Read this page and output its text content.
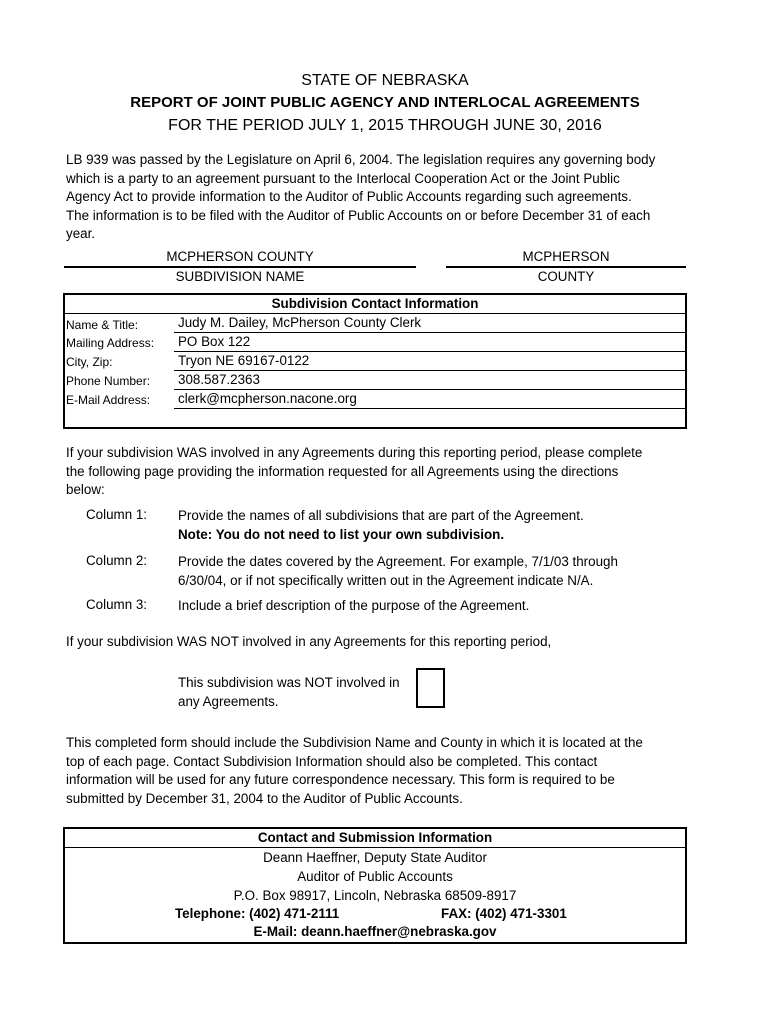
STATE OF NEBRASKA
REPORT OF JOINT PUBLIC AGENCY AND INTERLOCAL AGREEMENTS
FOR THE PERIOD JULY 1, 2015 THROUGH JUNE 30, 2016
LB 939 was passed by the Legislature on April 6, 2004. The legislation requires any governing body
which is a party to an agreement pursuant to the Interlocal Cooperation Act or the Joint Public
Agency Act to provide information to the Auditor of Public Accounts regarding such agreements.
The information is to be filed with the Auditor of Public Accounts on or before December 31 of each
year.
MCPHERSON COUNTY
SUBDIVISION NAME
MCPHERSON
COUNTY
Subdivision Contact Information
Name & Title:	Judy M. Dailey, McPherson County Clerk
Mailing Address: PO Box 122
City, Zip:	Tryon NE 69167-0122
Phone Number: 308.587.2363
E-Mail Address: clerk@mcpherson.nacone.org
If your subdivision WAS involved in any Agreements during this reporting period, please complete
the following page providing the information requested for all Agreements using the directions
below:
Column 1: Provide the names of all subdivisions that are part of the Agreement.
Note: You do not need to list your own subdivision.
Column 2: Provide the dates covered by the Agreement. For example, 7/1/03 through
6/30/04, or if not specifically written out in the Agreement indicate N/A.
Column 3: Include a brief description of the purpose of the Agreement.
If your subdivision WAS NOT involved in any Agreements for this reporting period,
This subdivision was NOT involved in
any Agreements.
This completed form should include the Subdivision Name and County in which it is located at the
top of each page. Contact Subdivision Information should also be completed. This contact
information will be used for any future correspondence necessary. This form is required to be
submitted by December 31, 2004 to the Auditor of Public Accounts.
Contact and Submission Information
Deann Haeffner, Deputy State Auditor
Auditor of Public Accounts
P.O. Box 98917, Lincoln, Nebraska 68509-8917
Telephone: (402) 471-2111	FAX: (402) 471-3301
E-Mail: deann.haeffner@nebraska.gov
